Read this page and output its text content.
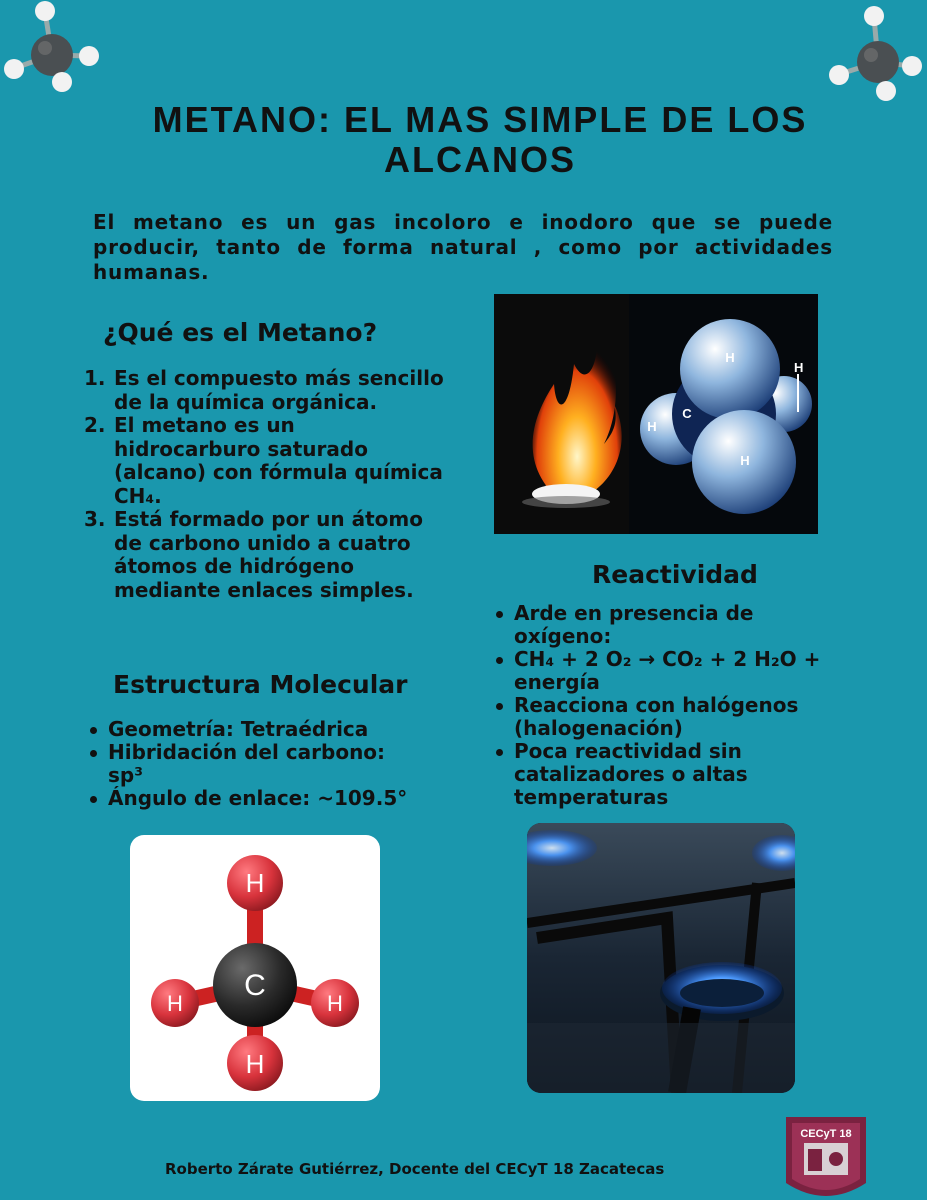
METANO: EL MAS SIMPLE DE LOS
ALCANOS

El metano es un gas incoloro e inodoro que se puede producir, tanto de forma natural , como por actividades humanas.

¿Qué es el Metano?
1. Es el compuesto más sencillo de la química orgánica.
2. El metano es un hidrocarburo saturado (alcano) con fórmula química CH₄.
3. Está formado por un átomo de carbono unido a cuatro átomos de hidrógeno mediante enlaces simples.
Estructura Molecular
Geometría: Tetraédrica
Hibridación del carbono: sp³
Ángulo de enlace: ~109.5°
H
H
C
H
H
Reactividad
Arde en presencia de oxígeno:
CH₄ + 2 O₂ → CO₂ + 2 H₂O + energía
Reacciona con halógenos (halogenación)
Poca reactividad sin catalizadores o altas temperaturas
H
C
H	H
H
Roberto Zárate Gutiérrez, Docente del CECyT 18 Zacatecas
CECyT 18
